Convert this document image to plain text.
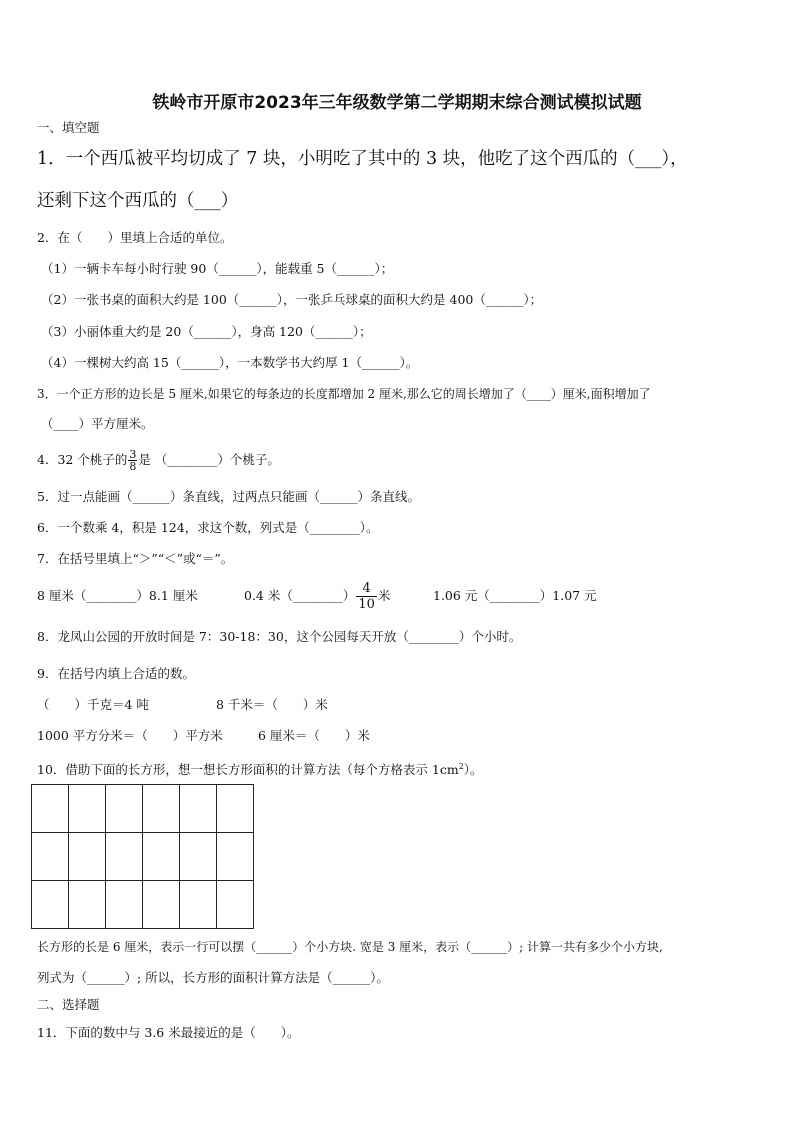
铁岭市开原市2023年三年级数学第二学期期末综合测试模拟试题
一、填空题
1．一个西瓜被平均切成了 7 块，小明吃了其中的 3 块，他吃了这个西瓜的（___），
还剩下这个西瓜的（___）
2．在（　　）里填上合适的单位。
（1）一辆卡车每小时行驶 90（______），能载重 5（______）；
（2）一张书桌的面积大约是 100（______），一张乒乓球桌的面积大约是 400（______）；
（3）小丽体重大约是 20（______），身高 120（______）；
（4）一棵树大约高 15（______），一本数学书大约厚 1（______）。
3．一个正方形的边长是 5 厘米,如果它的每条边的长度都增加 2 厘米,那么它的周长增加了（____）厘米,面积增加了
（____）平方厘米。
4．32 个桃子的 $\frac{3}{8}$ 是 （________）个桃子。
5．过一点能画（______）条直线，过两点只能画（______）条直线。
6．一个数乘 4，积是 124，求这个数，列式是（________）。
7．在括号里填上“＞”“＜”或“＝”。
8 厘米（________）8.1 厘米	0.4 米（________） $\frac{4}{10}$ 米	1.06 元（________）1.07 元
8．龙凤山公园的开放时间是 7：30-18：30，这个公园每天开放（________）个小时。
9．在括号内填上合适的数。
（　　）千克＝4 吨	8 千米＝（　　）米
1000 平方分米＝（　　）平方米	6 厘米＝（　　）米
10．借助下面的长方形，想一想长方形面积的计算方法（每个方格表示 $1cm^2$）。

长方形的长是 6 厘米，表示一行可以摆（______）个小方块. 宽是 3 厘米，表示（______）; 计算一共有多少个小方块,
列式为（______）; 所以，长方形的面积计算方法是（______）。
二、选择题
11．下面的数中与 3.6 米最接近的是（　　）。
